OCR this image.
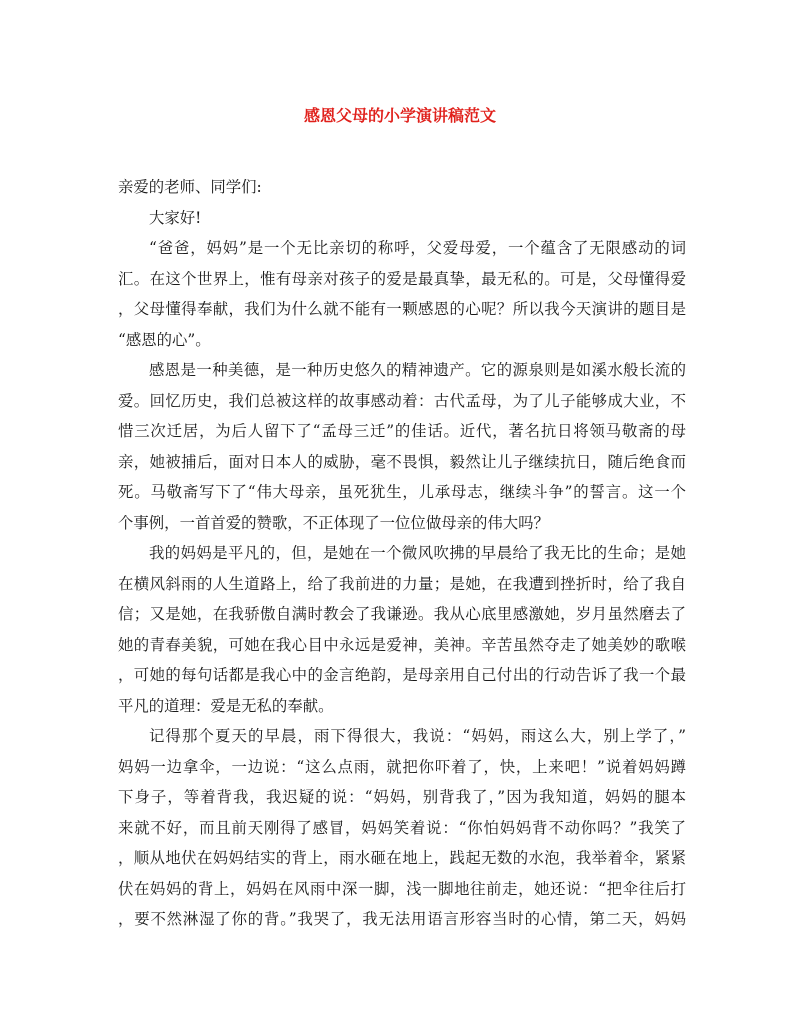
感恩父母的小学演讲稿范文
亲爱的老师、同学们:
大家好!
“爸爸，妈妈”是一个无比亲切的称呼，父爱母爱，一个蕴含了无限感动的词
汇。在这个世界上，惟有母亲对孩子的爱是最真挚，最无私的。可是，父母懂得爱
，父母懂得奉献，我们为什么就不能有一颗感恩的心呢？所以我今天演讲的题目是
“感恩的心”。
感恩是一种美德，是一种历史悠久的精神遗产。它的源泉则是如溪水般长流的
爱。回忆历史，我们总被这样的故事感动着：古代孟母，为了儿子能够成大业，不
惜三次迁居，为后人留下了“孟母三迁”的佳话。近代，著名抗日将领马敬斋的母
亲，她被捕后，面对日本人的威胁，毫不畏惧，毅然让儿子继续抗日，随后绝食而
死。马敬斋写下了“伟大母亲，虽死犹生，儿承母志，继续斗争”的誓言。这一个
个事例，一首首爱的赞歌，不正体现了一位位做母亲的伟大吗？
我的妈妈是平凡的，但，是她在一个微风吹拂的早晨给了我无比的生命；是她
在横风斜雨的人生道路上，给了我前进的力量；是她，在我遭到挫折时，给了我自
信；又是她，在我骄傲自满时教会了我谦逊。我从心底里感激她，岁月虽然磨去了
她的青春美貌，可她在我心目中永远是爱神，美神。辛苦虽然夺走了她美妙的歌喉
，可她的每句话都是我心中的金言绝韵，是母亲用自己付出的行动告诉了我一个最
平凡的道理：爱是无私的奉献。
记得那个夏天的早晨，雨下得很大，我说：“妈妈，雨这么大，别上学了，”
妈妈一边拿伞，一边说：“这么点雨，就把你吓着了，快，上来吧！”说着妈妈蹲
下身子，等着背我，我迟疑的说：“妈妈，别背我了，”因为我知道，妈妈的腿本
来就不好，而且前天刚得了感冒，妈妈笑着说：“你怕妈妈背不动你吗？”我笑了
，顺从地伏在妈妈结实的背上，雨水砸在地上，践起无数的水泡，我举着伞，紧紧
伏在妈妈的背上，妈妈在风雨中深一脚，浅一脚地往前走，她还说：“把伞往后打
，要不然淋湿了你的背。”我哭了，我无法用语言形容当时的心情，第二天，妈妈
